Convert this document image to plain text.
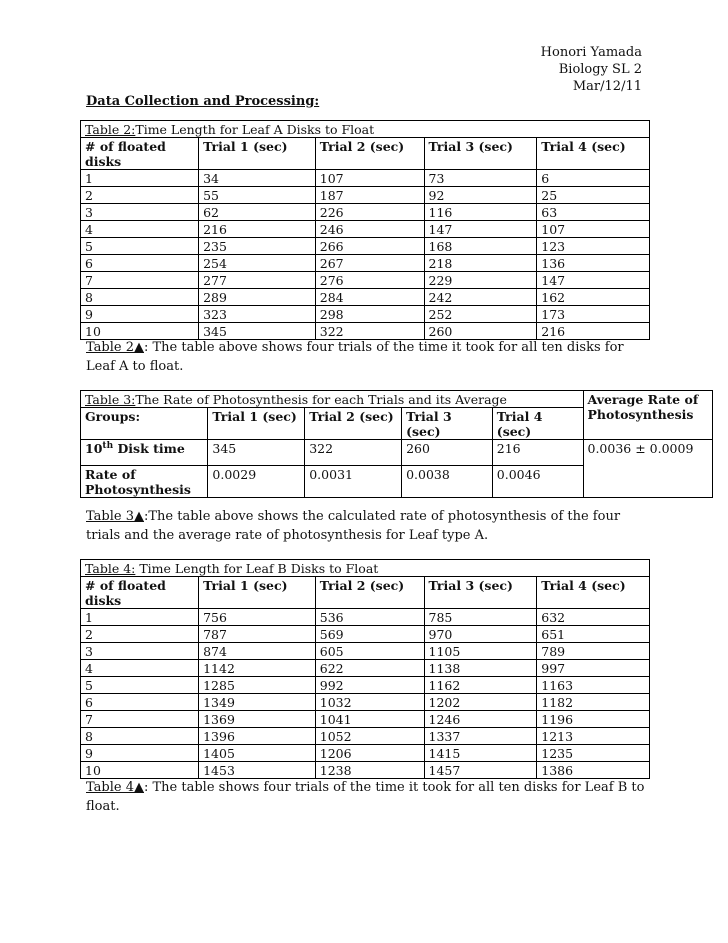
Honori Yamada
Biology SL 2
Mar/12/11
Data Collection and Processing:
Table 2:Time Length for Leaf A Disks to Float				
# of floated disks	Trial 1 (sec)	Trial 2 (sec)	Trial 3 (sec)	Trial 4 (sec)
1	34	107	73	6
2	55	187	92	25
3	62	226	116	63
4	216	246	147	107
5	235	266	168	123
6	254	267	218	136
7	277	276	229	147
8	289	284	242	162
9	323	298	252	173
10	345	322	260	216
Table 2▲: The table above shows four trials of the time it took for all ten disks for Leaf A to float.
Table 3:The Rate of Photosynthesis for each Trials and its Average					Average Rate of Photosynthesis
Groups:	Trial 1 (sec)	Trial 2 (sec)	Trial 3 (sec)	Trial 4 (sec)	
10th Disk time	345	322	260	216	0.0036 ± 0.0009
Rate of Photosynthesis	0.0029	0.0031	0.0038	0.0046	
Table 3▲:The table above shows the calculated rate of photosynthesis of the four trials and the average rate of photosynthesis for Leaf type A.
Table 4: Time Length for Leaf B Disks to Float				
# of floated disks	Trial 1 (sec)	Trial 2 (sec)	Trial 3 (sec)	Trial 4 (sec)
1	756	536	785	632
2	787	569	970	651
3	874	605	1105	789
4	1142	622	1138	997
5	1285	992	1162	1163
6	1349	1032	1202	1182
7	1369	1041	1246	1196
8	1396	1052	1337	1213
9	1405	1206	1415	1235
10	1453	1238	1457	1386
Table 4▲: The table shows four trials of the time it took for all ten disks for Leaf B to float.
